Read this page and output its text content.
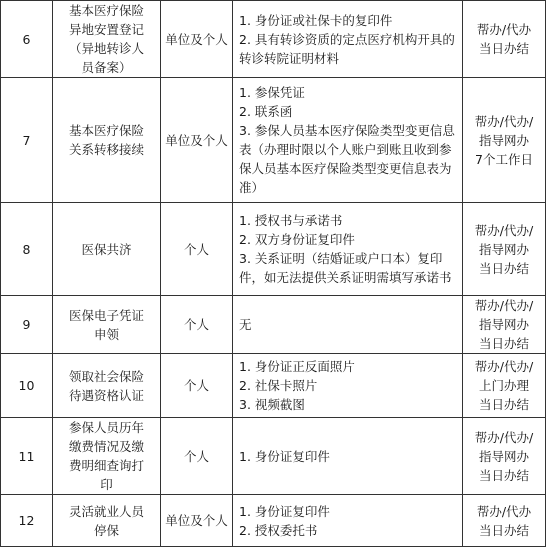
6	基本医疗保险异地安置登记（异地转诊人员备案）	单位及个人	1. 身份证或社保卡的复印件
2. 具有转诊资质的定点医疗机构开具的转诊转院证明材料	帮办/代办
当日办结
7	基本医疗保险关系转移接续	单位及个人	1. 参保凭证
2. 联系函
3. 参保人员基本医疗保险类型变更信息表（办理时限以个人账户到账且收到参保人员基本医疗保险类型变更信息表为准）	帮办/代办/
指导网办
7个工作日
8	医保共济	个人	1. 授权书与承诺书
2. 双方身份证复印件
3. 关系证明（结婚证或户口本）复印件，如无法提供关系证明需填写承诺书	帮办/代办/
指导网办
当日办结
9	医保电子凭证申领	个人	无	帮办/代办/
指导网办
当日办结
10	领取社会保险待遇资格认证	个人	1. 身份证正反面照片
2. 社保卡照片
3. 视频截图	帮办/代办/
上门办理
当日办结
11	参保人员历年缴费情况及缴费明细查询打印	个人	1. 身份证复印件	帮办/代办/
指导网办
当日办结
12	灵活就业人员停保	单位及个人	1. 身份证复印件
2. 授权委托书	帮办/代办
当日办结
